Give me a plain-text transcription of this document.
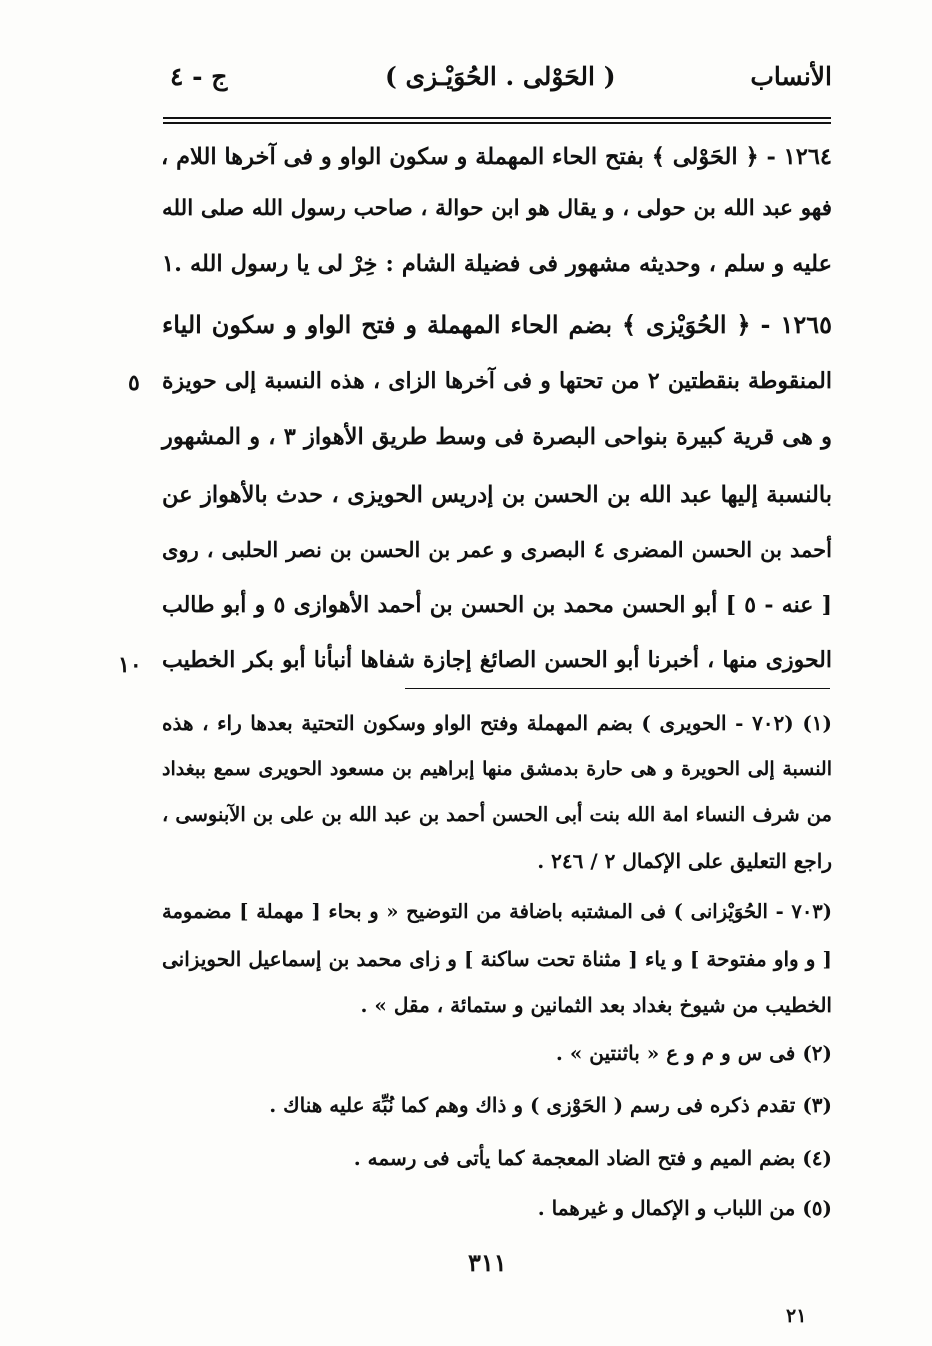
ج - ٤	( الحَوْلى . الحُوَيْـزى )	الأنساب
١٢٦٤ - ﴿ الحَوْلى ﴾ بفتح الحاء المهملة و سكون الواو و فى آخرها اللام ،
فهو عبد الله بن حولى ، و يقال هو ابن حوالة ، صاحب رسول الله صلى الله
عليه و سلم ، وحديثه مشهور فى فضيلة الشام : خِرْ لى يا رسول الله .١
١٢٦٥ - ﴿ الحُوَيْزى ﴾ بضم الحاء المهملة و فتح الواو و سكون الياء
المنقوطة بنقطتين ٢ من تحتها و فى آخرها الزاى ، هذه النسبة إلى حويزة
و هى قرية كبيرة بنواحى البصرة فى وسط طريق الأهواز ٣ ، و المشهور
بالنسبة إليها عبد الله بن الحسن بن إدريس الحويزى ، حدث بالأهواز عن
أحمد بن الحسن المضرى ٤ البصرى و عمر بن الحسن بن نصر الحلبى ، روى
[ عنه - ٥ ] أبو الحسن محمد بن الحسن بن أحمد الأهوازى ٥ و أبو طالب
الحوزى منها ، أخبرنا أبو الحسن الصائغ إجازة شفاها أنبأنا أبو بكر الخطيب
٥
١٠
(١) (٧٠٢ - الحويرى ) بضم المهملة وفتح الواو وسكون التحتية بعدها راء ، هذه
النسبة إلى الحويرة و هى حارة بدمشق منها إبراهيم بن مسعود الحويرى سمع ببغداد
من شرف النساء امة الله بنت أبى الحسن أحمد بن عبد الله بن على بن الآبنوسى ،
راجع التعليق على الإكمال ٢ / ٢٤٦ .
(٧٠٣ - الحُوَيْزانى ) فى المشتبه باضافة من التوضيح « و بحاء [ مهملة ] مضمومة
[ و واو مفتوحة ] و ياء [ مثناة تحت ساكنة ] و زاى محمد بن إسماعيل الحويزانى
الخطيب من شيوخ بغداد بعد الثمانين و ستمائة ، مقل » .
(٢) فى س و م و ع « باثنتين » .
(٣) تقدم ذكره فى رسم ( الحَوْزى ) و ذاك وهم كما نُبِّهَ عليه هناك .
(٤) بضم الميم و فتح الضاد المعجمة كما يأتى فى رسمه .
(٥) من اللباب و الإكمال و غيرهما .
٣١١
٢١
